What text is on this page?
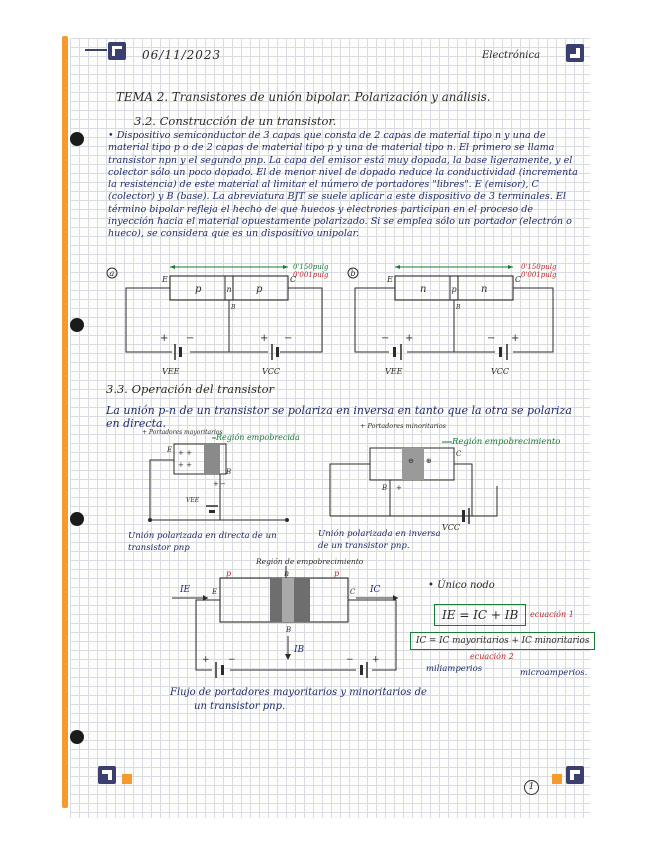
06/11/2023	Electrónica
TEMA 2. Transistores de unión bipolar. Polarización y análisis.
3.2. Construcción de un transistor.
• Dispositivo semiconductor de 3 capas que consta de 2 capas de material tipo n y una de material tipo p o de 2 capas de material tipo p y una de material tipo n. El primero se llama transistor npn y el segundo pnp. La capa del emisor está muy dopada, la base ligeramente, y el colector sólo un poco dopado. El de menor nivel de dopado reduce la conductividad (incrementa la resistencia) de este material al limitar el número de portadores "libres". E (emisor), C (colector) y B (base). La abreviatura BJT se suele aplicar a este dispositivo de 3 terminales. El término bipolar refleja el hecho de que huecos y electrones participan en el proceso de inyección hacia el material opuestamente polarizado. Si se emplea sólo un portador (electrón o hueco), se considera que es un dispositivo unipolar.
a
p	n p
E	C
B
0'150pulg
0'001pulg
+ −	+ −
VEE	VCC
b
n	p n
E	C
B
0'150pulg
0'001pulg
− +	− +
VEE	VCC
3.3. Operación del transistor
La unión p-n de un transistor se polariza en inversa en tanto que la otra se polariza en directa.
+ Portadores mayoritarios
Región empobrecida
+ +
+ +
E
B
+ −
VEE
Unión polarizada en directa de un
transistor pnp
+ Portadores minoritarios
Región empobrecimiento
⊖ ⊕
C
B +
VCC
Unión polarizada en inversa
de un transistor pnp.
Región de empobrecimiento
p	n	p
E	C
B
IE	IC
IB
+ −	− +
Flujo de portadores mayoritarios y minoritarios de
un transistor pnp.
• Único nodo
IE = IC + IB	ecuación 1
IC = IC mayoritarios + IC minoritarios
ecuación 2
miliamperios	microamperios.
1
